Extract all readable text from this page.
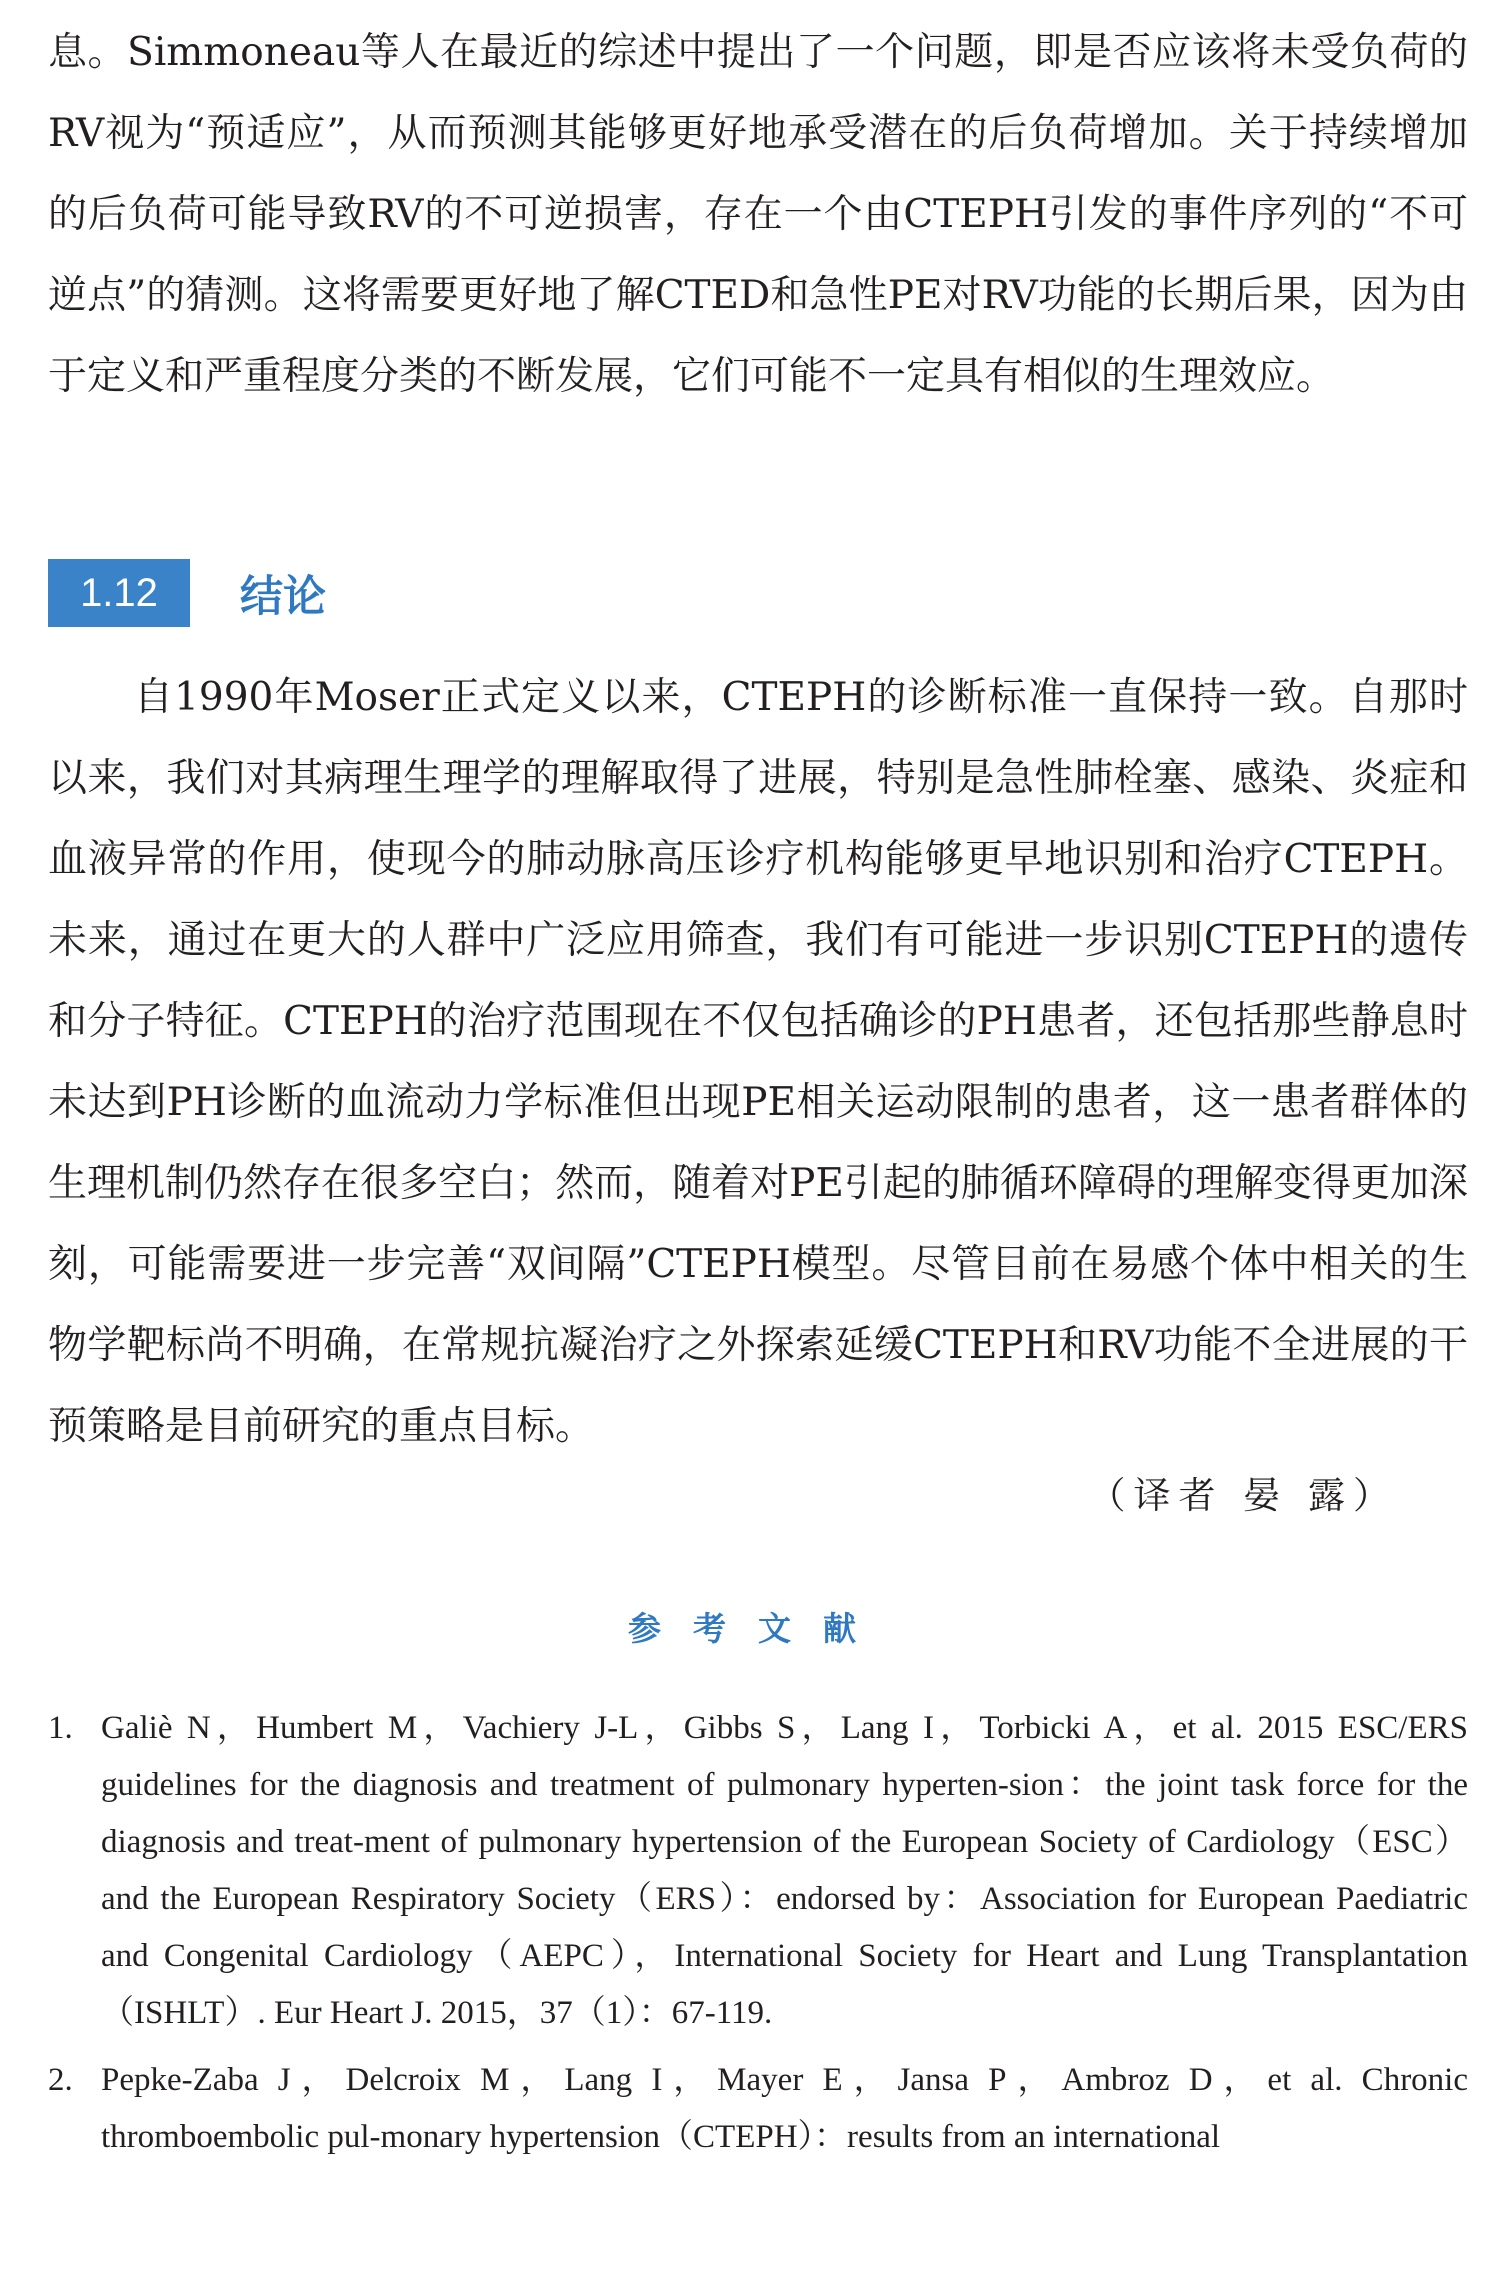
息。Simmoneau等人在最近的综述中提出了一个问题，即是否应该将未受负荷的RV视为“预适应”，从而预测其能够更好地承受潜在的后负荷增加。关于持续增加的后负荷可能导致RV的不可逆损害，存在一个由CTEPH引发的事件序列的“不可逆点”的猜测。这将需要更好地了解CTED和急性PE对RV功能的长期后果，因为由于定义和严重程度分类的不断发展，它们可能不一定具有相似的生理效应。

1.12	结论

自1990年Moser正式定义以来，CTEPH的诊断标准一直保持一致。自那时以来，我们对其病理生理学的理解取得了进展，特别是急性肺栓塞、感染、炎症和血液异常的作用，使现今的肺动脉高压诊疗机构能够更早地识别和治疗CTEPH。未来，通过在更大的人群中广泛应用筛查，我们有可能进一步识别CTEPH的遗传和分子特征。CTEPH的治疗范围现在不仅包括确诊的PH患者，还包括那些静息时未达到PH诊断的血流动力学标准但出现PE相关运动限制的患者，这一患者群体的生理机制仍然存在很多空白；然而，随着对PE引起的肺循环障碍的理解变得更加深刻，可能需要进一步完善“双间隔”CTEPH模型。尽管目前在易感个体中相关的生物学靶标尚不明确，在常规抗凝治疗之外探索延缓CTEPH和RV功能不全进展的干预策略是目前研究的重点目标。

（译者 晏 露）
参考文献
1. Galiè N，Humbert M，Vachiery J-L，Gibbs S，Lang I，Torbicki A，et al. 2015 ESC/ERS guidelines for the diagnosis and treatment of pulmonary hyperten-sion：the joint task force for the diagnosis and treat-ment of pulmonary hypertension of the European Society of Cardiology（ESC）and the European Respiratory Society（ERS）：endorsed by：Association for European Paediatric and Congenital Cardiology（AEPC），International Society for Heart and Lung Transplantation（ISHLT）. Eur Heart J. 2015，37（1）：67-119.
2. Pepke-Zaba J，Delcroix M，Lang I，Mayer E，Jansa P，Ambroz D，et al. Chronic thromboembolic pul-monary hypertension（CTEPH）：results from an international
